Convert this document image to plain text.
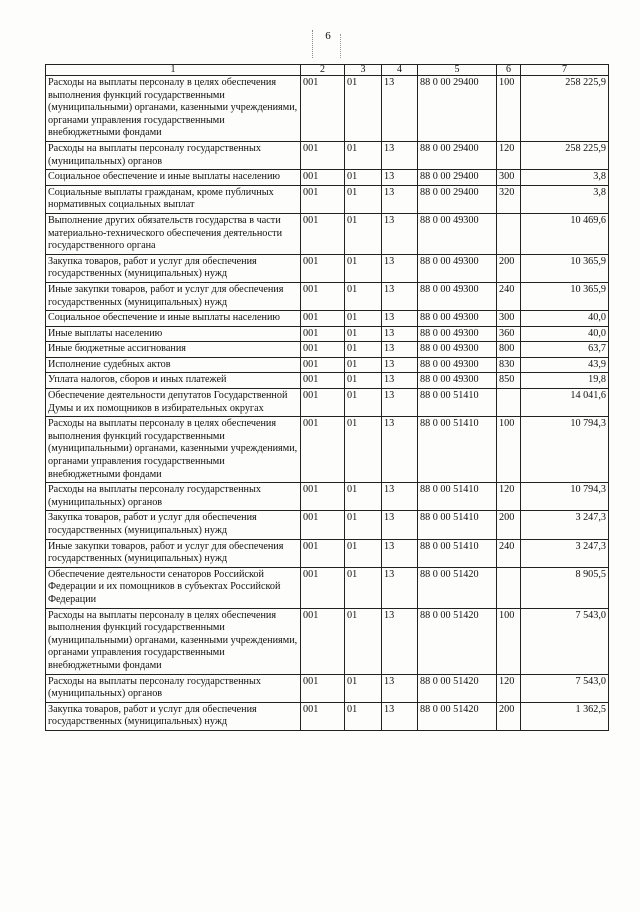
6
1	2	3	4	5	6	7
Расходы на выплаты персоналу в целях обеспечения выполнения функций государственными (муниципальными) органами, казенными учреждениями, органами управления государственными внебюджетными фондами	001	01	13	88 0 00 29400	100	258 225,9
Расходы на выплаты персоналу государственных (муниципальных) органов	001	01	13	88 0 00 29400	120	258 225,9
Социальное обеспечение и иные выплаты населению	001	01	13	88 0 00 29400	300	3,8
Социальные выплаты гражданам, кроме публичных нормативных социальных выплат	001	01	13	88 0 00 29400	320	3,8
Выполнение других обязательств государства в части материально-технического обеспечения деятельности государственного органа	001	01	13	88 0 00 49300		10 469,6
Закупка товаров, работ и услуг для обеспечения государственных (муниципальных) нужд	001	01	13	88 0 00 49300	200	10 365,9
Иные закупки товаров, работ и услуг для обеспечения государственных (муниципальных) нужд	001	01	13	88 0 00 49300	240	10 365,9
Социальное обеспечение и иные выплаты населению	001	01	13	88 0 00 49300	300	40,0
Иные выплаты населению	001	01	13	88 0 00 49300	360	40,0
Иные бюджетные ассигнования	001	01	13	88 0 00 49300	800	63,7
Исполнение судебных актов	001	01	13	88 0 00 49300	830	43,9
Уплата налогов, сборов и иных платежей	001	01	13	88 0 00 49300	850	19,8
Обеспечение деятельности депутатов Государственной Думы и их помощников в избирательных округах	001	01	13	88 0 00 51410		14 041,6
Расходы на выплаты персоналу в целях обеспечения выполнения функций государственными (муниципальными) органами, казенными учреждениями, органами управления государственными внебюджетными фондами	001	01	13	88 0 00 51410	100	10 794,3
Расходы на выплаты персоналу государственных (муниципальных) органов	001	01	13	88 0 00 51410	120	10 794,3
Закупка товаров, работ и услуг для обеспечения государственных (муниципальных) нужд	001	01	13	88 0 00 51410	200	3 247,3
Иные закупки товаров, работ и услуг для обеспечения государственных (муниципальных) нужд	001	01	13	88 0 00 51410	240	3 247,3
Обеспечение деятельности сенаторов Российской Федерации и их помощников в субъектах Российской Федерации	001	01	13	88 0 00 51420		8 905,5
Расходы на выплаты персоналу в целях обеспечения выполнения функций государственными (муниципальными) органами, казенными учреждениями, органами управления государственными внебюджетными фондами	001	01	13	88 0 00 51420	100	7 543,0
Расходы на выплаты персоналу государственных (муниципальных) органов	001	01	13	88 0 00 51420	120	7 543,0
Закупка товаров, работ и услуг для обеспечения государственных (муниципальных) нужд	001	01	13	88 0 00 51420	200	1 362,5
